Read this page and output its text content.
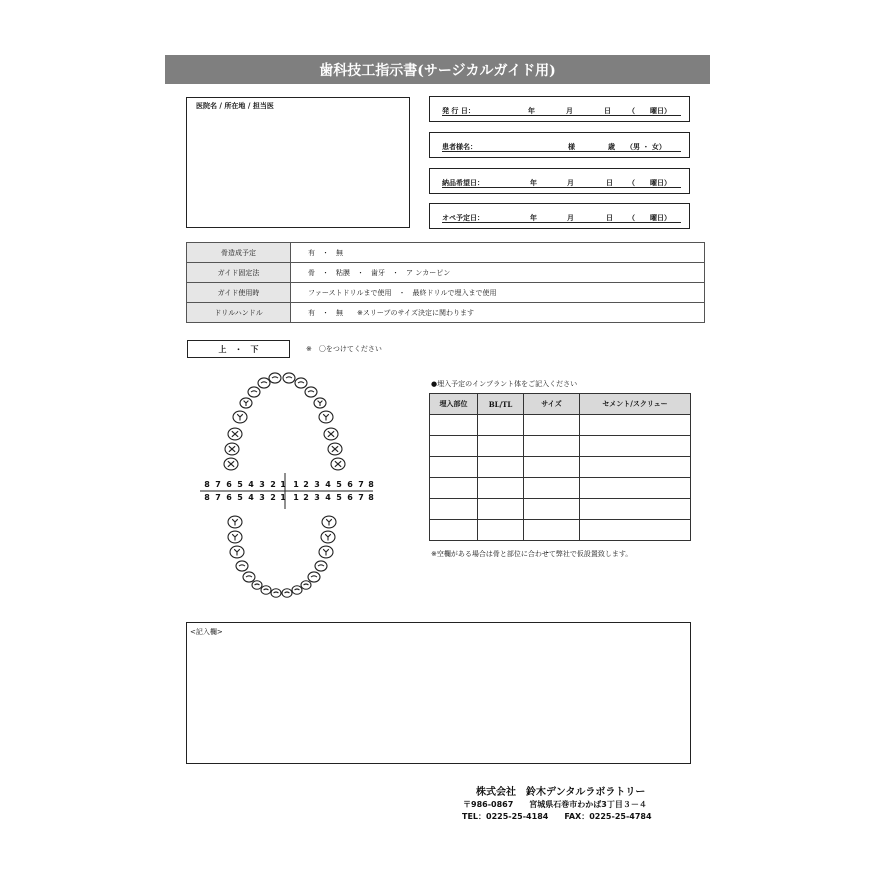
歯科技工指示書(サージカルガイド用)
医院名 / 所在地 / 担当医
発 行 日：	年	月	日 （ 曜日）
患者様名：	様	歳 （男 ・ 女）
納品希望日：	年	月	日 （ 曜日）
オペ予定日：	年	月	日 （ 曜日）
骨造成予定	有　・　無
ガイド固定法	骨　・　粘膜　・　歯牙　・　ア ンカーピン
ガイド使用時	ファーストドリルまで使用　・　最終ドリルで埋入まで使用
ドリルハンドル	有　・　無　　※スリーブのサイズ決定に関わります
上　・　下	※　〇をつけてください
8 7 6 5 4 3 2 1 1 2 3 4 5 6 7 8
8 7 6 5 4 3 2 1 1 2 3 4 5 6 7 8
●埋入予定のインプラント体をご記入ください
埋入部位	BL/TL	サイズ	セメント/スクリュー

※空欄がある場合は骨と部位に合わせて弊社で仮設置致します。
<記入欄>
株式会社　鈴木デンタルラボラトリー
〒986-0867　　宮城県石巻市わかば3丁目３－４
TEL：0225-25-4184　　FAX：0225-25-4784
